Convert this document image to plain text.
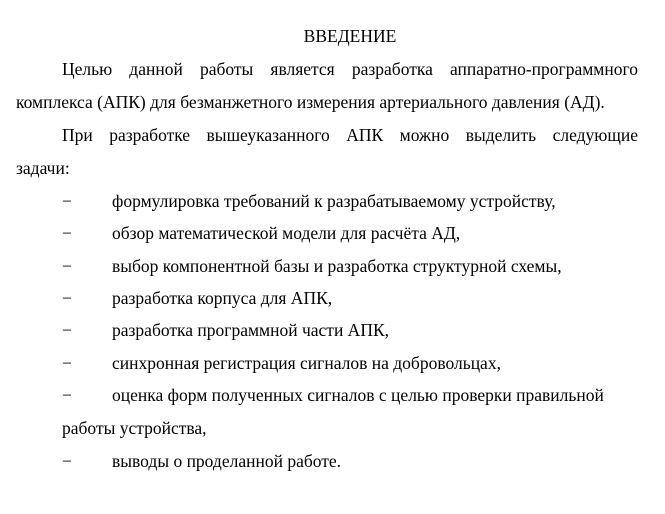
ВВЕДЕНИЕ
Целью данной работы является разработка аппаратно-программного
комплекса (АПК) для безманжетного измерения артериального давления (АД).
При разработке вышеуказанного АПК можно выделить следующие
задачи:
− формулировка требований к разрабатываемому устройству,
− обзор математической модели для расчёта АД,
− выбор компонентной базы и разработка структурной схемы,
− разработка корпуса для АПК,
− разработка программной части АПК,
− синхронная регистрация сигналов на добровольцах,
− оценка форм полученных сигналов с целью проверки правильной
работы устройства,
− выводы о проделанной работе.
